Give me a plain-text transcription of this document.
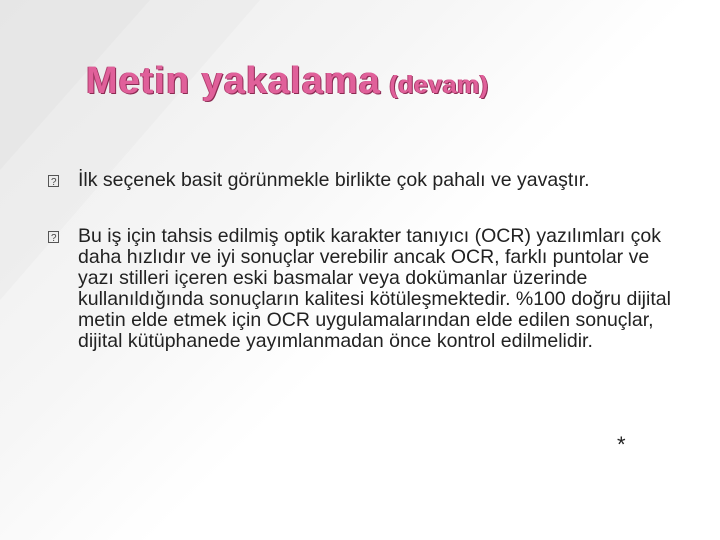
Metin yakalama (devam)
?
İlk seçenek basit görünmekle birlikte çok pahalı ve yavaştır.
?
Bu iş için tahsis edilmiş optik karakter tanıyıcı (OCR) yazılımları çok daha hızlıdır ve iyi sonuçlar verebilir ancak OCR, farklı puntolar ve yazı stilleri içeren eski basmalar veya dokümanlar üzerinde kullanıldığında sonuçların kalitesi kötüleşmektedir. %100 doğru dijital metin elde etmek için OCR uygulamalarından elde edilen sonuçlar, dijital kütüphanede yayımlanmadan önce kontrol edilmelidir.
*
